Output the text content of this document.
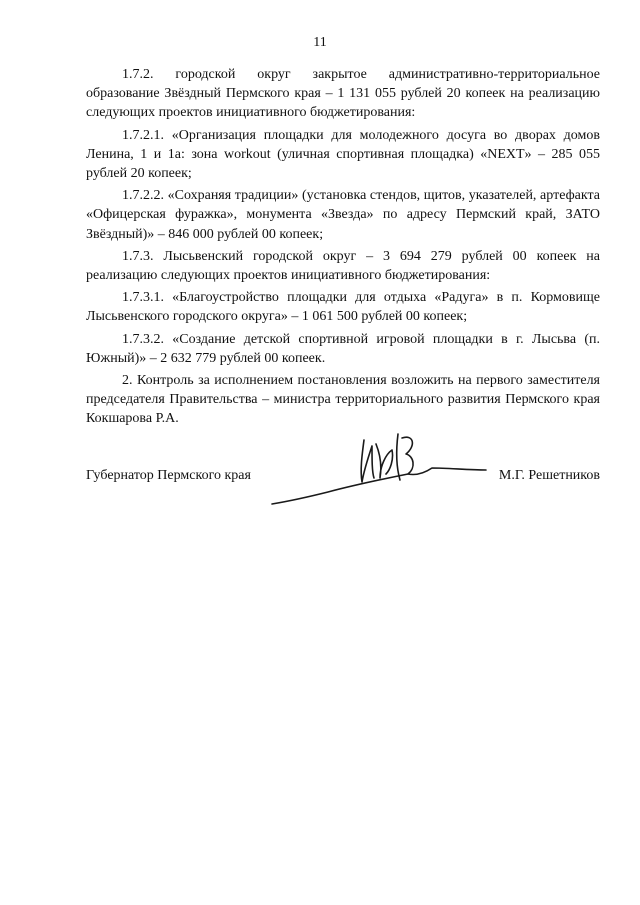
11

1.7.2. городской округ закрытое административно-территориальное образование Звёздный Пермского края – 1 131 055 рублей 20 копеек на реализацию следующих проектов инициативного бюджетирования:

1.7.2.1. «Организация площадки для молодежного досуга во дворах домов Ленина, 1 и 1а: зона workout (уличная спортивная площадка) «NEXT» – 285 055 рублей 20 копеек;

1.7.2.2. «Сохраняя традиции» (установка стендов, щитов, указателей, артефакта «Офицерская фуражка», монумента «Звезда» по адресу Пермский край, ЗАТО Звёздный)» – 846 000 рублей 00 копеек;

1.7.3. Лысьвенский городской округ – 3 694 279 рублей 00 копеек на реализацию следующих проектов инициативного бюджетирования:

1.7.3.1. «Благоустройство площадки для отдыха «Радуга» в п. Кормовище Лысьвенского городского округа» – 1 061 500 рублей 00 копеек;

1.7.3.2. «Создание детской спортивной игровой площадки в г. Лысьва (п. Южный)» – 2 632 779 рублей 00 копеек.

2. Контроль за исполнением постановления возложить на первого заместителя председателя Правительства – министра территориального развития Пермского края Кокшарова Р.А.

Губернатор Пермского края	М.Г. Решетников
